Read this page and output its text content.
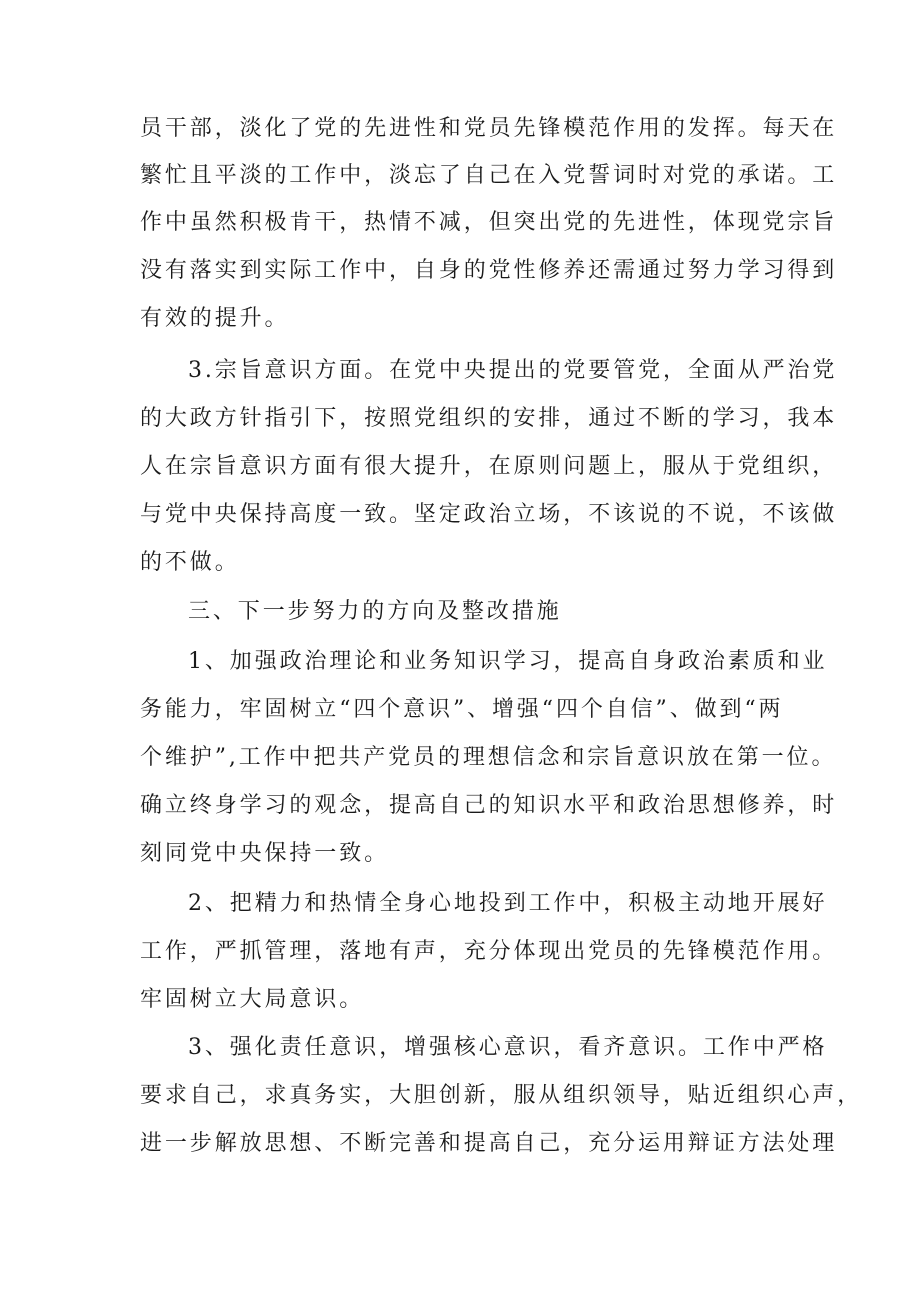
员干部，淡化了党的先进性和党员先锋模范作用的发挥。每天在

繁忙且平淡的工作中，淡忘了自己在入党誓词时对党的承诺。工

作中虽然积极肯干，热情不减，但突出党的先进性，体现党宗旨

没有落实到实际工作中，自身的党性修养还需通过努力学习得到

有效的提升。

3.宗旨意识方面。在党中央提出的党要管党，全面从严治党

的大政方针指引下，按照党组织的安排，通过不断的学习，我本

人在宗旨意识方面有很大提升，在原则问题上，服从于党组织，

与党中央保持高度一致。坚定政治立场，不该说的不说，不该做

的不做。

三、下一步努力的方向及整改措施

1、加强政治理论和业务知识学习，提高自身政治素质和业

务能力，牢固树立“四个意识”、增强“四个自信”、做到“两

个维护”,工作中把共产党员的理想信念和宗旨意识放在第一位。

确立终身学习的观念，提高自己的知识水平和政治思想修养，时

刻同党中央保持一致。

2、把精力和热情全身心地投到工作中，积极主动地开展好

工作，严抓管理，落地有声，充分体现出党员的先锋模范作用。

牢固树立大局意识。

3、强化责任意识，增强核心意识，看齐意识。工作中严格

要求自己，求真务实，大胆创新，服从组织领导，贴近组织心声，

进一步解放思想、不断完善和提高自己，充分运用辩证方法处理
